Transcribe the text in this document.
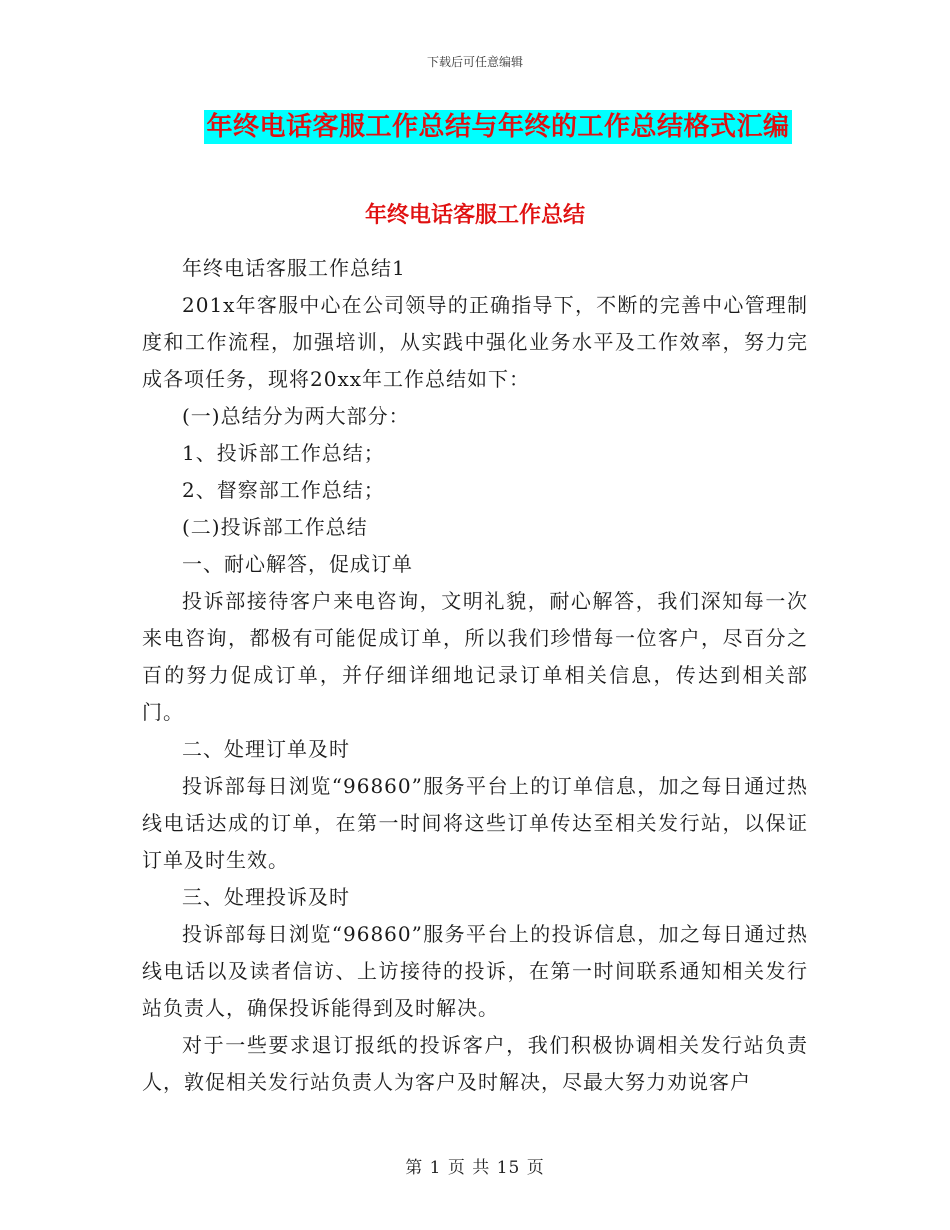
下载后可任意编辑
年终电话客服工作总结与年终的工作总结格式汇编
年终电话客服工作总结

年终电话客服工作总结1

201x年客服中心在公司领导的正确指导下，不断的完善中心管理制度和工作流程，加强培训，从实践中强化业务水平及工作效率，努力完成各项任务，现将20xx年工作总结如下：

(一)总结分为两大部分：

1、投诉部工作总结；

2、督察部工作总结；

(二)投诉部工作总结

一、耐心解答，促成订单

投诉部接待客户来电咨询，文明礼貌，耐心解答，我们深知每一次来电咨询，都极有可能促成订单，所以我们珍惜每一位客户，尽百分之百的努力促成订单，并仔细详细地记录订单相关信息，传达到相关部门。

二、处理订单及时

投诉部每日浏览“96860”服务平台上的订单信息，加之每日通过热线电话达成的订单，在第一时间将这些订单传达至相关发行站，以保证订单及时生效。

三、处理投诉及时

投诉部每日浏览“96860”服务平台上的投诉信息，加之每日通过热线电话以及读者信访、上访接待的投诉，在第一时间联系通知相关发行站负责人，确保投诉能得到及时解决。

对于一些要求退订报纸的投诉客户，我们积极协调相关发行站负责人，敦促相关发行站负责人为客户及时解决，尽最大努力劝说客户

第 1 页 共 15 页
